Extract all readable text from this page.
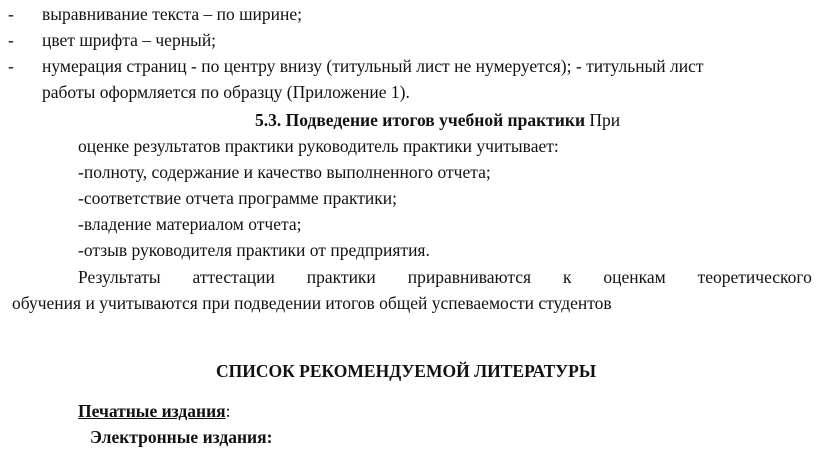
- выравнивание текста – по ширине;
- цвет шрифта – черный;
- нумерация страниц - по центру внизу (титульный лист не нумеруется); - титульный лист
работы оформляется по образцу (Приложение 1).
5.3. Подведение итогов учебной практики При
оценке результатов практики руководитель практики учитывает:
-полноту, содержание и качество выполненного отчета;
-соответствие отчета программе практики;
-владение материалом отчета;
-отзыв руководителя практики от предприятия.
Результаты аттестации практики приравниваются к оценкам теоретического
обучения и учитываются при подведении итогов общей успеваемости студентов
СПИСОК РЕКОМЕНДУЕМОЙ ЛИТЕРАТУРЫ
Печатные издания:
Электронные издания:
